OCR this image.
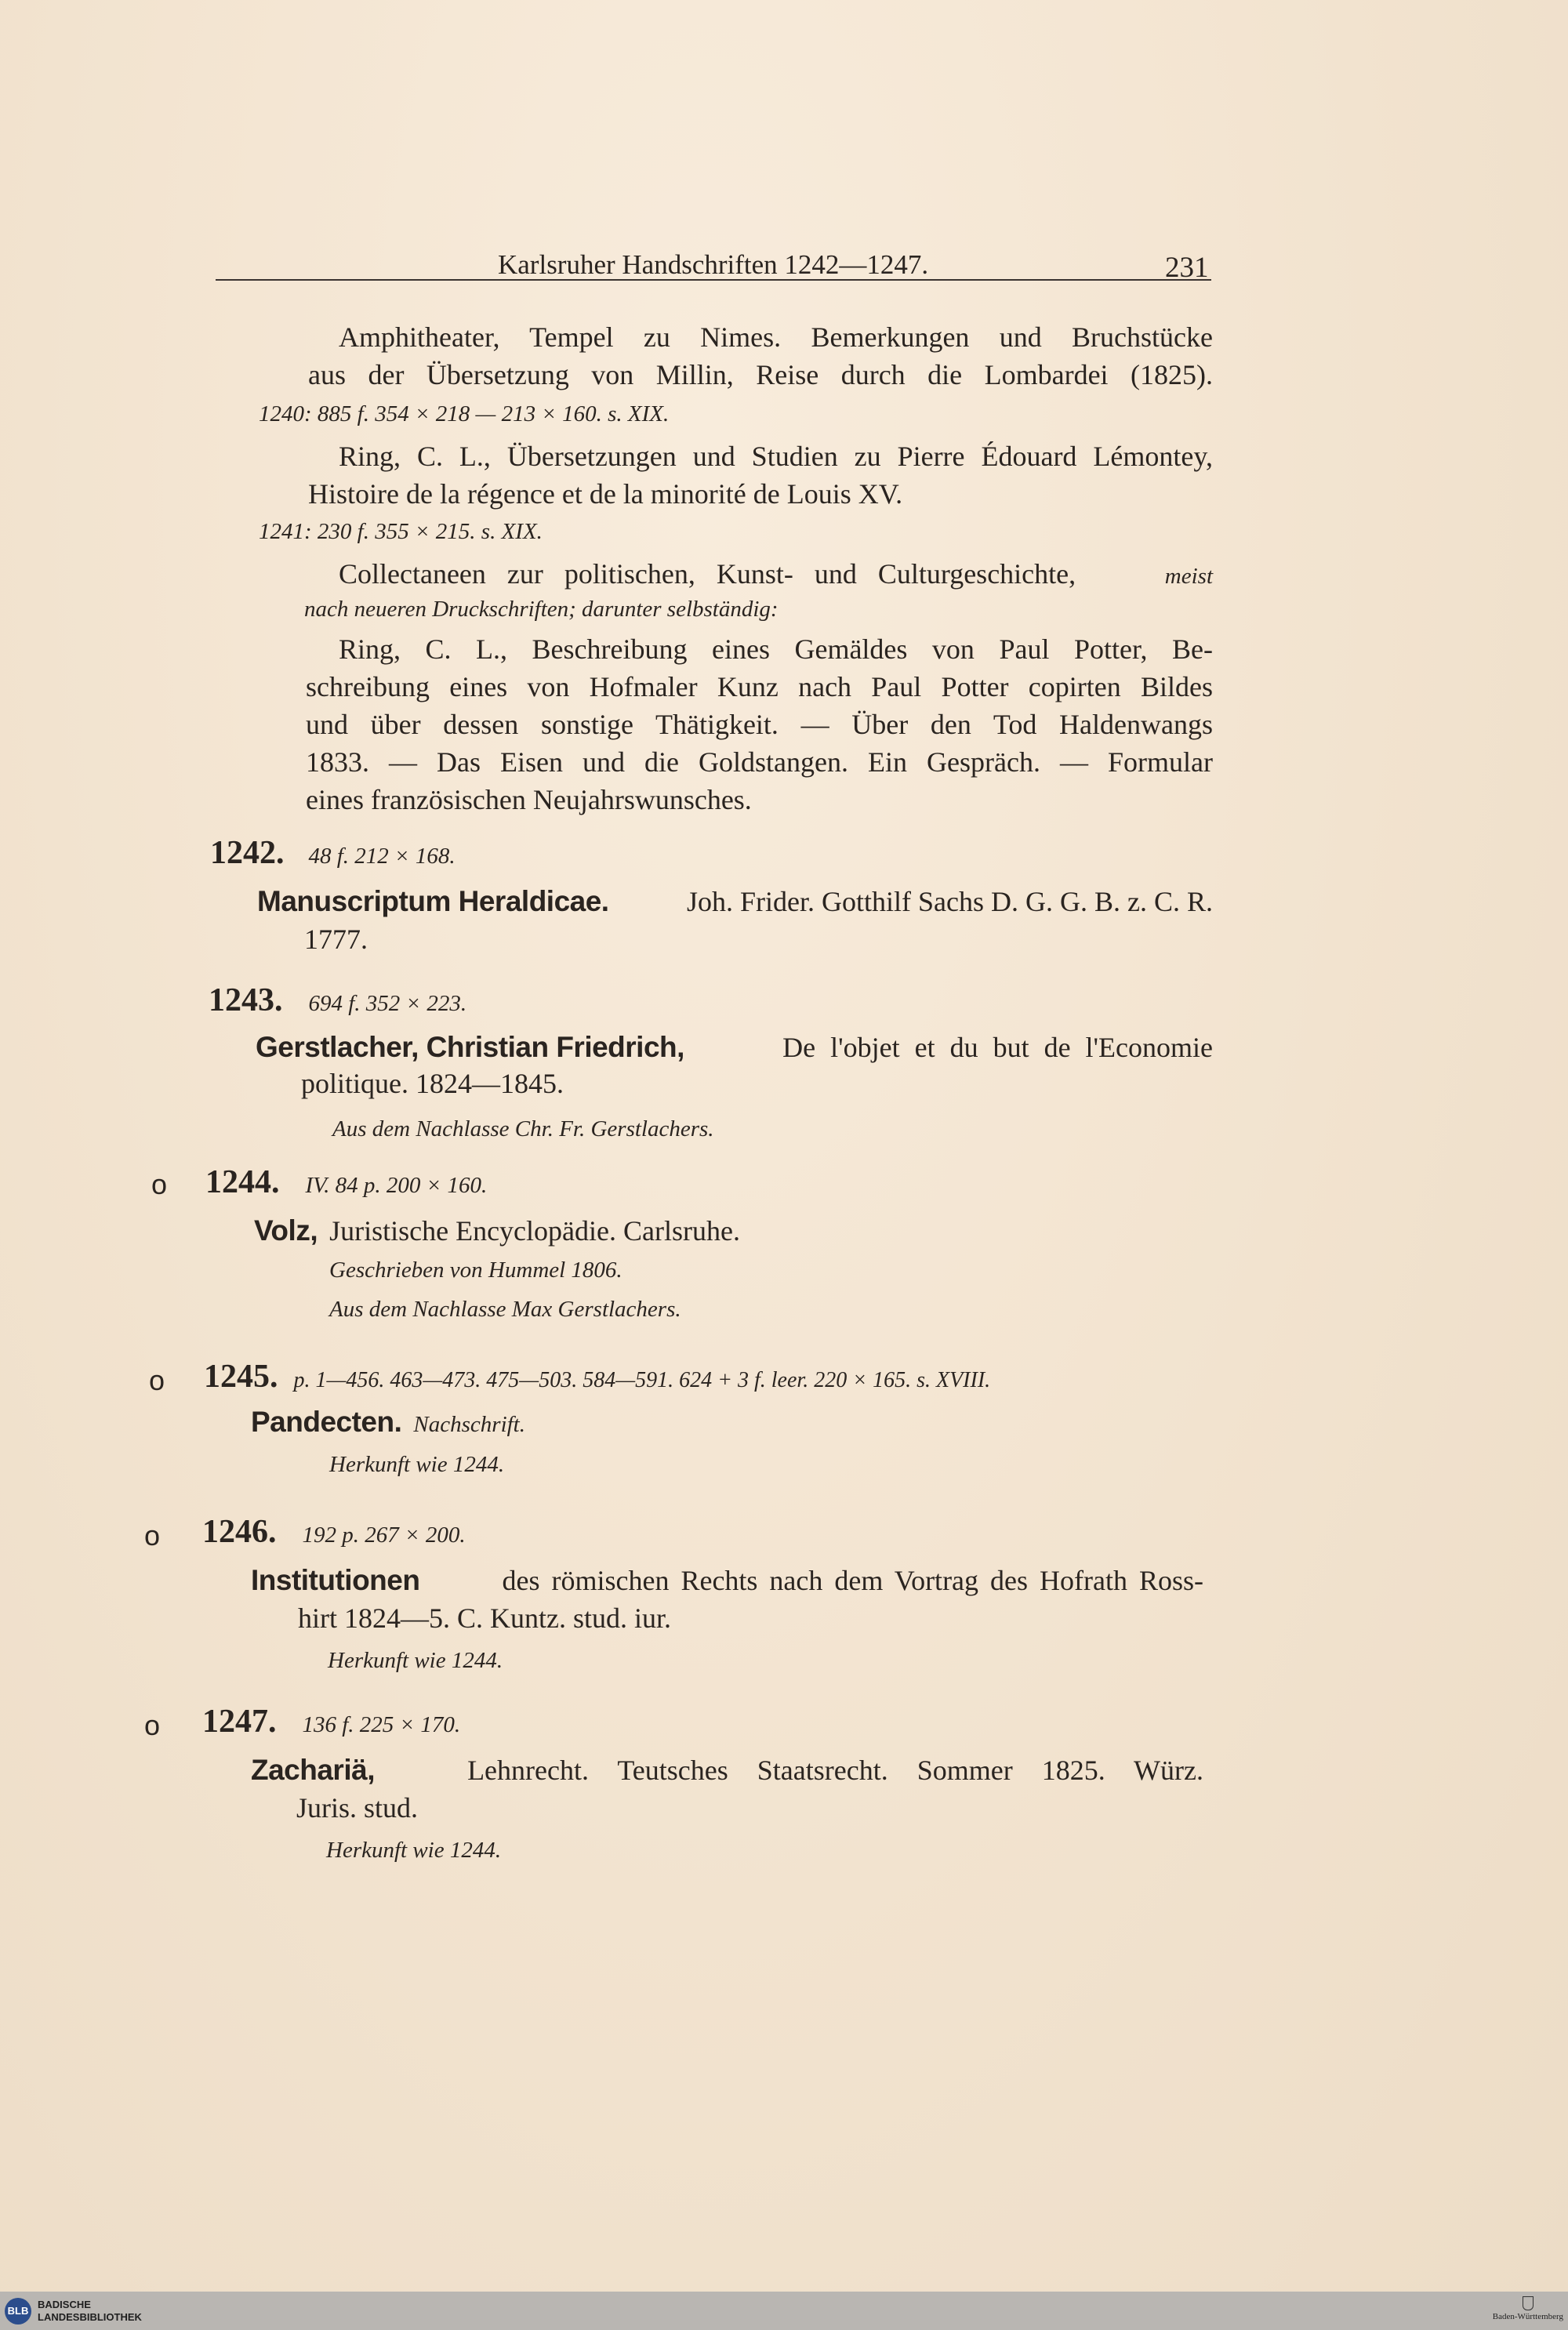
Karlsruher Handschriften 1242—1247.	231
Amphitheater, Tempel zu Nimes. Bemerkungen und Bruchstücke
aus der Übersetzung von Millin, Reise durch die Lombardei (1825).
1240: 885 f. 354 × 218 — 213 × 160. s. XIX.
Ring, C. L., Übersetzungen und Studien zu Pierre Édouard Lémontey,
Histoire de la régence et de la minorité de Louis XV.
1241: 230 f. 355 × 215. s. XIX.
Collectaneen zur politischen, Kunst- und Culturgeschichte,	meist
nach neueren Druckschriften; darunter selbständig:
Ring, C. L., Beschreibung eines Gemäldes von Paul Potter, Be-
schreibung eines von Hofmaler Kunz nach Paul Potter copirten Bildes
und über dessen sonstige Thätigkeit. — Über den Tod Haldenwangs
1833. — Das Eisen und die Goldstangen. Ein Gespräch. — Formular
eines französischen Neujahrswunsches.
1242. 48 f. 212 × 168.
Manuscriptum Heraldicae.	Joh. Frider. Gotthilf Sachs D. G. G. B. z. C. R.
1777.
1243. 694 f. 352 × 223.
Gerstlacher, Christian Friedrich,	De l'objet et du but de l'Economie
politique. 1824—1845.
Aus dem Nachlasse Chr. Fr. Gerstlachers.
o 1244. IV. 84 p. 200 × 160.
Volz, Juristische Encyclopädie. Carlsruhe.
Geschrieben von Hummel 1806.
Aus dem Nachlasse Max Gerstlachers.
o 1245. p. 1—456. 463—473. 475—503. 584—591. 624 + 3 f. leer. 220 × 165. s. XVIII.
Pandecten. Nachschrift.
Herkunft wie 1244.
o 1246. 192 p. 267 × 200.
Institutionen	des römischen Rechts nach dem Vortrag des Hofrath Ross-
hirt 1824—5. C. Kuntz. stud. iur.
Herkunft wie 1244.
o 1247. 136 f. 225 × 170.
Zachariä,	Lehnrecht. Teutsches Staatsrecht. Sommer 1825. Würz.
Juris. stud.
Herkunft wie 1244.
BLB
BADISCHE
LANDESBIBLIOTHEK	Baden-Württemberg
